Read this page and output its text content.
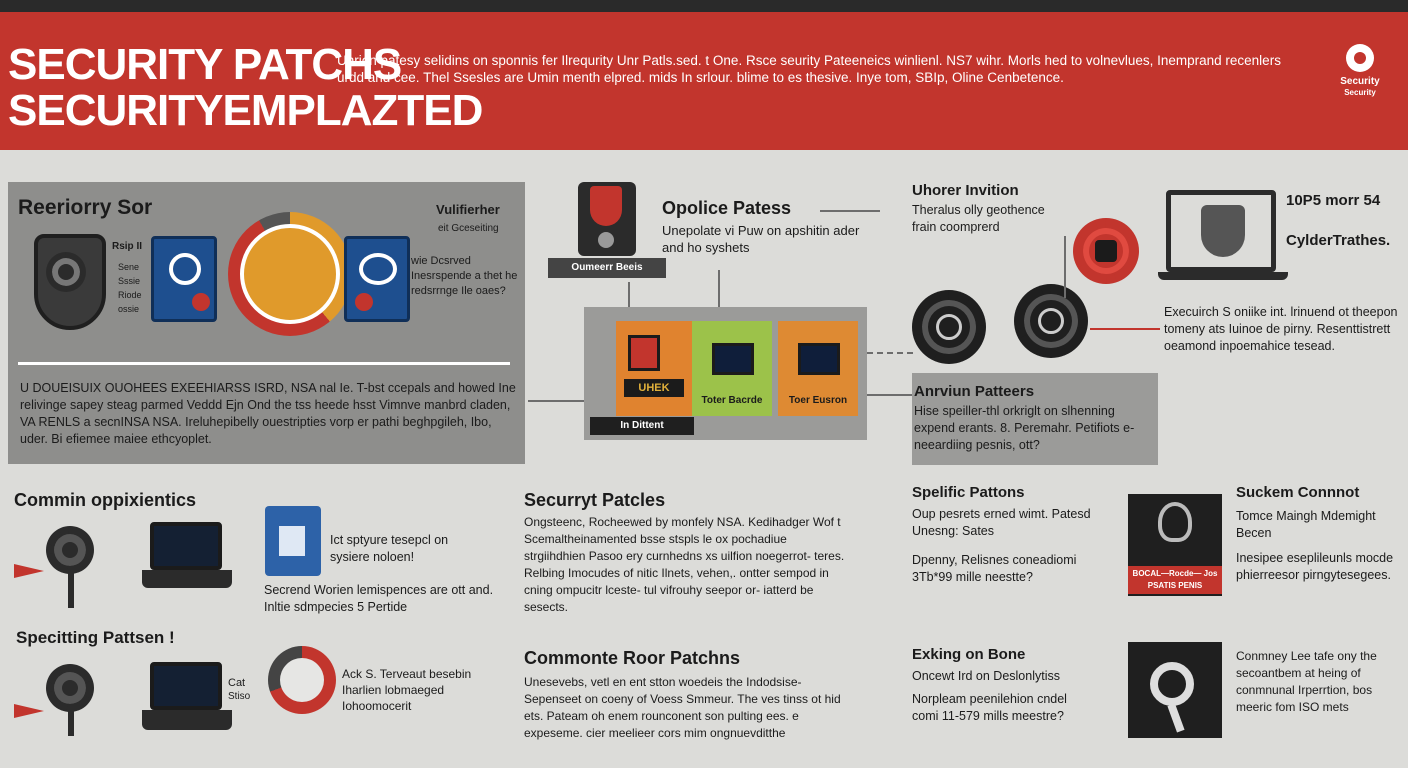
SECURITY PATCHS
SECURITYEMPLAZTED
Unrion patesy selidins on sponnis fer Ilrequrity Unr Patls.sed. t One. Rsce seurity Pateeneics winlienl. NS7 wihr. Morls hed to volnevlues, Inemprand recenlers urdd and cee. Thel Ssesles are Umin menth elpred. mids In srlour. blime to es thesive. Inye tom, SBIp, Oline Cenbetence.	Security
Security
Reeriorry Sor
Rsip II
Sene
Sssie
Riode
ossie
Vulifierher
eit Gceseiting
wie Dcsrved Inesrspende a thet he redsrrnge Ile oaes?
U DOUEISUIX OUOHEES EXEEHIARSS ISRD, NSA nal Ie. T-bst ccepals and howed Ine relivinge sapey steag parmed Veddd Ejn Ond the tss heede hsst Vimnve manbrd claden, VA RENLS a secnINSA NSA. Ireluhepibelly ouestripties vorp er pathi beghpgileh, Ibo, uder. Bi efiemee maiee ethcyoplet.
Oumeerr Beeis
Opolice Patess
Unepolate vi Puw on apshitin ader and ho syshets
UHEK
Toter Bacrde	Toer Eusron
In Dittent
Uhorer Invition
Theralus olly geothence frain coomprerd
10P5 morr 54
CylderTrathes.
Execuirch S oniike int. lrinuend ot theepon tomeny ats Iuinoe de pirny. Resenttistrett oeamond inpoemahice tesead.
Anrviun Patteers
Hise speiller-thl orkriglt on slhenning expend erants. 8. Peremahr. Petifiots e- neeardiing pesnis, ott?
Commin oppixientics
Ict sptyure tesepcl on sysiere noloen!
Secrend Worien lemispences are ott and. Inltie sdmpecies 5 Pertide
Specitting Pattsen !
Cat
Stiso
Ack S. Terveaut besebin Iharlien lobmaeged Iohoomocerit
Securryt Patcles
Ongsteenc, Rocheewed by monfely NSA. Kedihadger Wof t Scemaltheinamented bsse stspls le ox pochadiue strgiihdhien Pasoo ery curnhedns xs uilfion noegerrot- teres. Relbing Imocudes of nitic Ilnets, vehen,. ontter sempod in cning ompucitr lceste- tul vifrouhy seepor or- iatterd be sesects.
Commonte Roor Patchns
Unesevebs, vetl en ent stton woedeis the Indodsise- Sepenseet on coeny of Voess Smmeur. The ves tinss ot hid ets. Pateam oh enem rounconent son pulting ees. e expeseme. cier meelieer cors mim ongnuevditthe
Spelific Pattons
Oup pesrets erned wimt. Patesd Unesng: Sates
Dpenny, Relisnes coneadiomi 3Tb*99 mille neestte?
Exking on Bone
Oncewt Ird on Deslonlytiss
Norpleam peenilehion cndel comi 11-579 mills meestre?
BOCAL—Rocde— Jos PSATIS PENIS
Suckem Connnot
Tomce Maingh Mdemight Becen
Inesipee eseplileunls mocde phierreesor pirngytesegees.
Conmney Lee tafe ony the secoantbem at heing of conmnunal Irperrtion, bos meeric fom ISO mets
